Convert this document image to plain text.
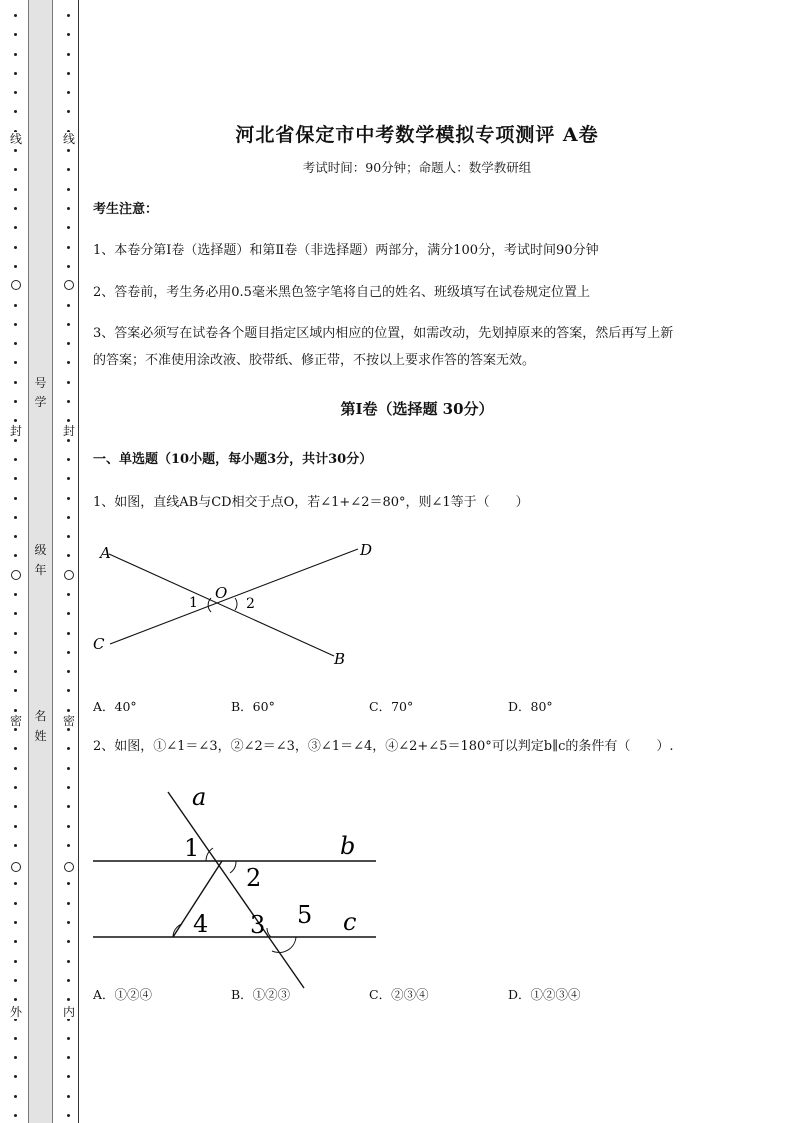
线
封
密
外
号
学
级
年
名
姓
线
封
密
内
河北省保定市中考数学模拟专项测评 A卷
考试时间：90分钟；命题人：数学教研组
考生注意：
1、本卷分第I卷（选择题）和第Ⅱ卷（非选择题）两部分，满分100分，考试时间90分钟
2、答卷前，考生务必用0.5毫米黑色签字笔将自己的姓名、班级填写在试卷规定位置上
3、答案必须写在试卷各个题目指定区域内相应的位置，如需改动，先划掉原来的答案，然后再写上新
的答案；不准使用涂改液、胶带纸、修正带，不按以上要求作答的答案无效。
第I卷（选择题 30分）
一、单选题（10小题，每小题3分，共计30分）
1、如图，直线AB与CD相交于点O，若∠1+∠2＝80°，则∠1等于（　　）
A
B
C
D
O
1	2
A．40°	B．60°	C．70°	D．80°
2、如图，①∠1＝∠3，②∠2＝∠3，③∠1＝∠4，④∠2+∠5＝180°可以判定b∥c的条件有（　　）.
a
b
c
1
2
3
4	5
A．①②④	B．①②③	C．②③④	D．①②③④
